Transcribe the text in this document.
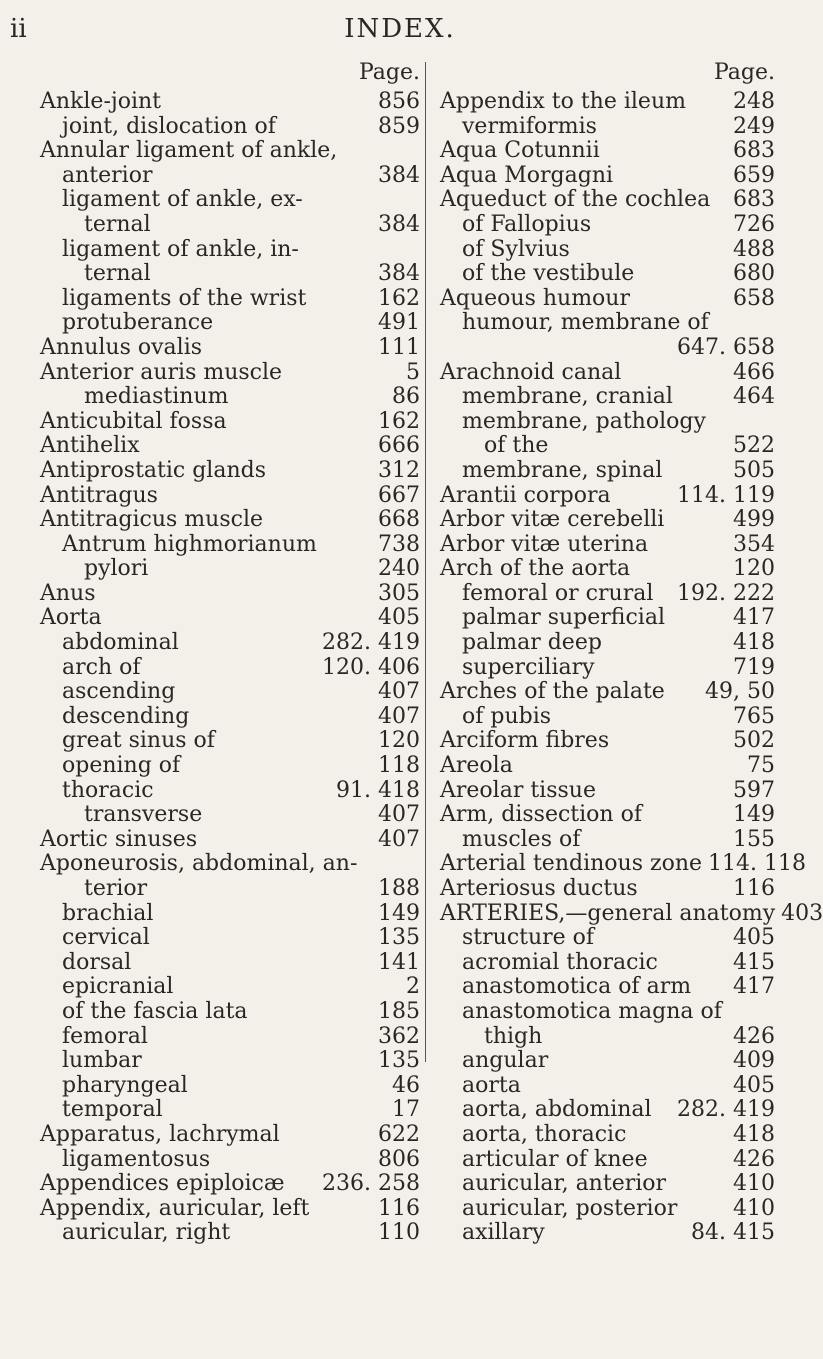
ii	INDEX.
Page.
Ankle-joint	856
joint, dislocation of	859
Annular ligament of ankle,
anterior	384
ligament of ankle, ex-
ternal	384
ligament of ankle, in-
ternal	384
ligaments of the wrist	162
protuberance	491
Annulus ovalis	111
Anterior auris muscle	5
mediastinum	86
Anticubital fossa	162
Antihelix	666
Antiprostatic glands	312
Antitragus	667
Antitragicus muscle	668
Antrum highmorianum	738
pylori	240
Anus	305
Aorta	405
abdominal	282. 419
arch of	120. 406
ascending	407
descending	407
great sinus of	120
opening of	118
thoracic	91. 418
transverse	407
Aortic sinuses	407
Aponeurosis, abdominal, an-
terior	188
brachial	149
cervical	135
dorsal	141
epicranial	2
of the fascia lata	185
femoral	362
lumbar	135
pharyngeal	46
temporal	17
Apparatus, lachrymal	622
ligamentosus	806
Appendices epiploicæ	236. 258
Appendix, auricular, left	116
auricular, right	110
Page.
Appendix to the ileum	248
vermiformis	249
Aqua Cotunnii	683
Aqua Morgagni	659
Aqueduct of the cochlea	683
of Fallopius	726
of Sylvius	488
of the vestibule	680
Aqueous humour	658
humour, membrane of
647. 658
Arachnoid canal	466
membrane, cranial	464
membrane, pathology
of the	522
membrane, spinal	505
Arantii corpora	114. 119
Arbor vitæ cerebelli	499
Arbor vitæ uterina	354
Arch of the aorta	120
femoral or crural	192. 222
palmar superficial	417
palmar deep	418
superciliary	719
Arches of the palate	49, 50
of pubis	765
Arciform fibres	502
Areola	75
Areolar tissue	597
Arm, dissection of	149
muscles of	155
Arterial tendinous zone 114. 118
Arteriosus ductus	116
ARTERIES,—general anatomy 403
structure of	405
acromial thoracic	415
anastomotica of arm	417
anastomotica magna of
thigh	426
angular	409
aorta	405
aorta, abdominal	282. 419
aorta, thoracic	418
articular of knee	426
auricular, anterior	410
auricular, posterior	410
axillary	84. 415
